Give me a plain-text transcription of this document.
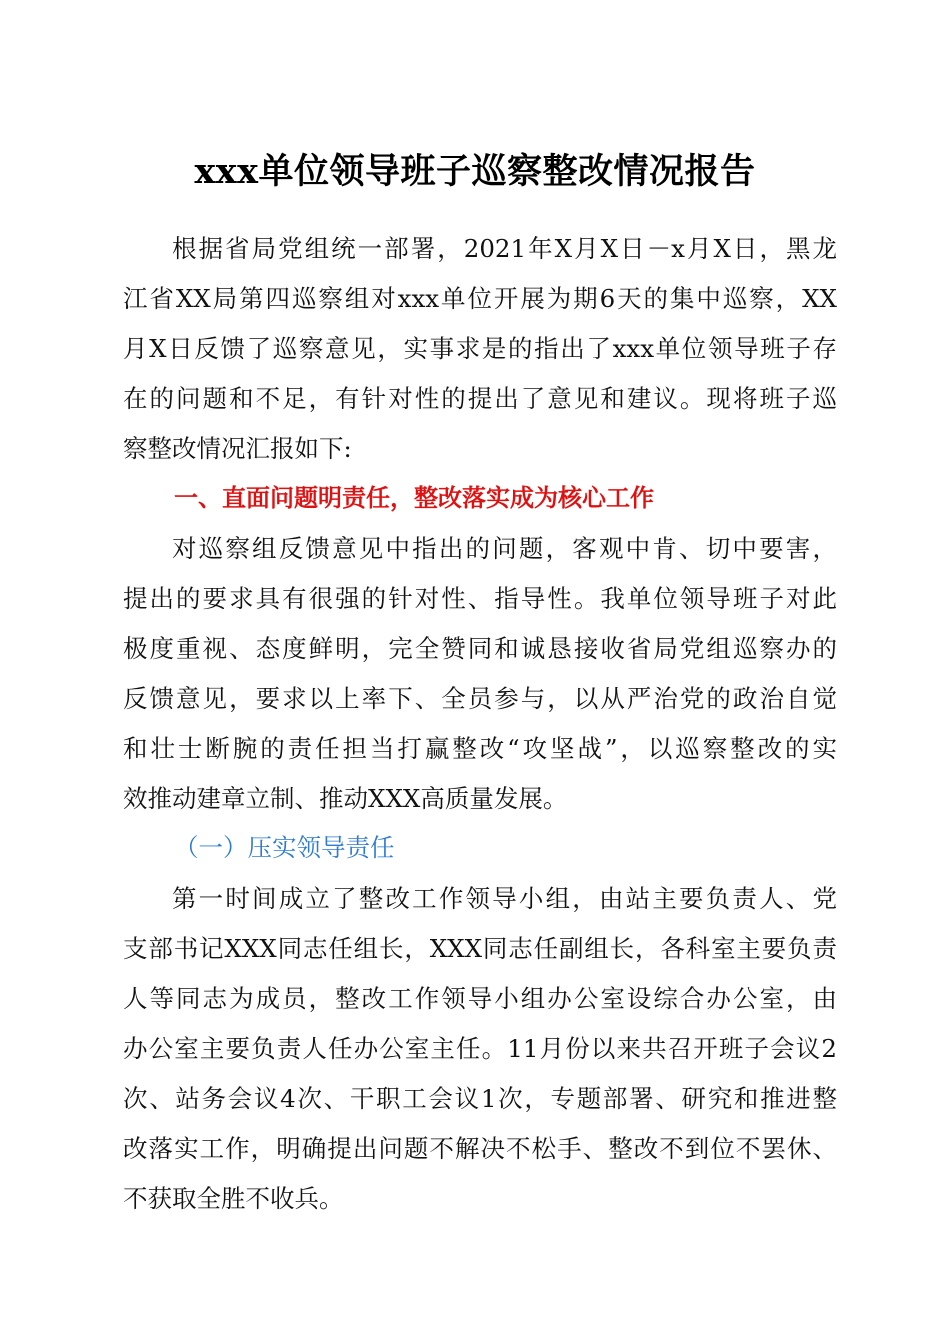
xxx单位领导班子巡察整改情况报告
根据省局党组统一部署，2021年X月X日－x月X日，黑龙
江省XX局第四巡察组对xxx单位开展为期6天的集中巡察，XX
月X日反馈了巡察意见，实事求是的指出了xxx单位领导班子存
在的问题和不足，有针对性的提出了意见和建议。现将班子巡
察整改情况汇报如下:
一、直面问题明责任，整改落实成为核心工作
对巡察组反馈意见中指出的问题，客观中肯、切中要害，
提出的要求具有很强的针对性、指导性。我单位领导班子对此
极度重视、态度鲜明，完全赞同和诚恳接收省局党组巡察办的
反馈意见，要求以上率下、全员参与，以从严治党的政治自觉
和壮士断腕的责任担当打赢整改“攻坚战”，以巡察整改的实
效推动建章立制、推动XXX高质量发展。
（一）压实领导责任
第一时间成立了整改工作领导小组，由站主要负责人、党
支部书记XXX同志任组长，XXX同志任副组长，各科室主要负责
人等同志为成员，整改工作领导小组办公室设综合办公室，由
办公室主要负责人任办公室主任。11月份以来共召开班子会议2
次、站务会议4次、干职工会议1次，专题部署、研究和推进整
改落实工作，明确提出问题不解决不松手、整改不到位不罢休、
不获取全胜不收兵。
